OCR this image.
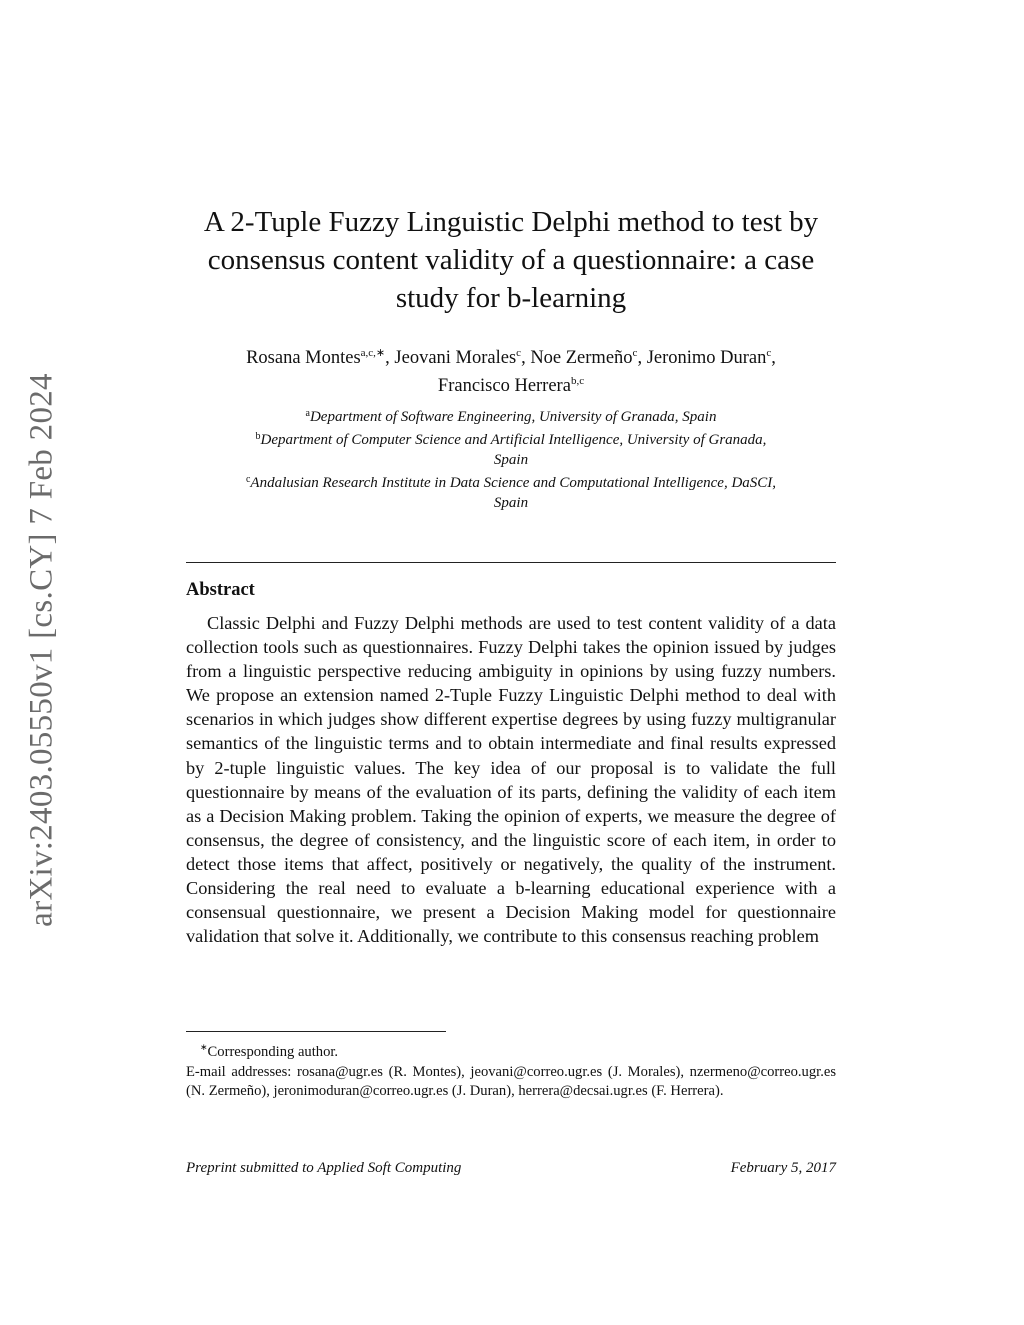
arXiv:2403.05550v1 [cs.CY] 7 Feb 2024
A 2-Tuple Fuzzy Linguistic Delphi method to test by
consensus content validity of a questionnaire: a case
study for b-learning
Rosana Montes$^{a,c,∗}$, Jeovani Morales$^c$, Noe Zermeño$^c$, Jeronimo Duran$^c$,
Francisco Herrera$^{b,c}$
$^a$Department of Software Engineering, University of Granada, Spain
$^b$Department of Computer Science and Artificial Intelligence, University of Granada,
Spain
$^c$Andalusian Research Institute in Data Science and Computational Intelligence, DaSCI,
Spain
Abstract
Classic Delphi and Fuzzy Delphi methods are used to test content validity of a data collection tools such as questionnaires. Fuzzy Delphi takes the opinion issued by judges from a linguistic perspective reducing ambiguity in opinions by using fuzzy numbers. We propose an extension named 2-Tuple Fuzzy Linguistic Delphi method to deal with scenarios in which judges show different expertise degrees by using fuzzy multigranular semantics of the linguistic terms and to obtain intermediate and final results expressed by 2-tuple linguistic values. The key idea of our proposal is to validate the full questionnaire by means of the evaluation of its parts, defining the validity of each item as a Decision Making problem. Taking the opinion of experts, we measure the degree of consensus, the degree of consistency, and the linguistic score of each item, in order to detect those items that affect, positively or negatively, the quality of the instrument. Considering the real need to evaluate a b-learning educational experience with a consensual questionnaire, we present a Decision Making model for questionnaire validation that solve it. Additionally, we contribute to this consensus reaching problem
∗Corresponding author.
E-mail addresses: rosana@ugr.es (R. Montes), jeovani@correo.ugr.es (J. Morales), nzermeno@correo.ugr.es (N. Zermeño), jeronimoduran@correo.ugr.es (J. Duran), herrera@decsai.ugr.es (F. Herrera).
Preprint submitted to Applied Soft Computing	February 5, 2017
